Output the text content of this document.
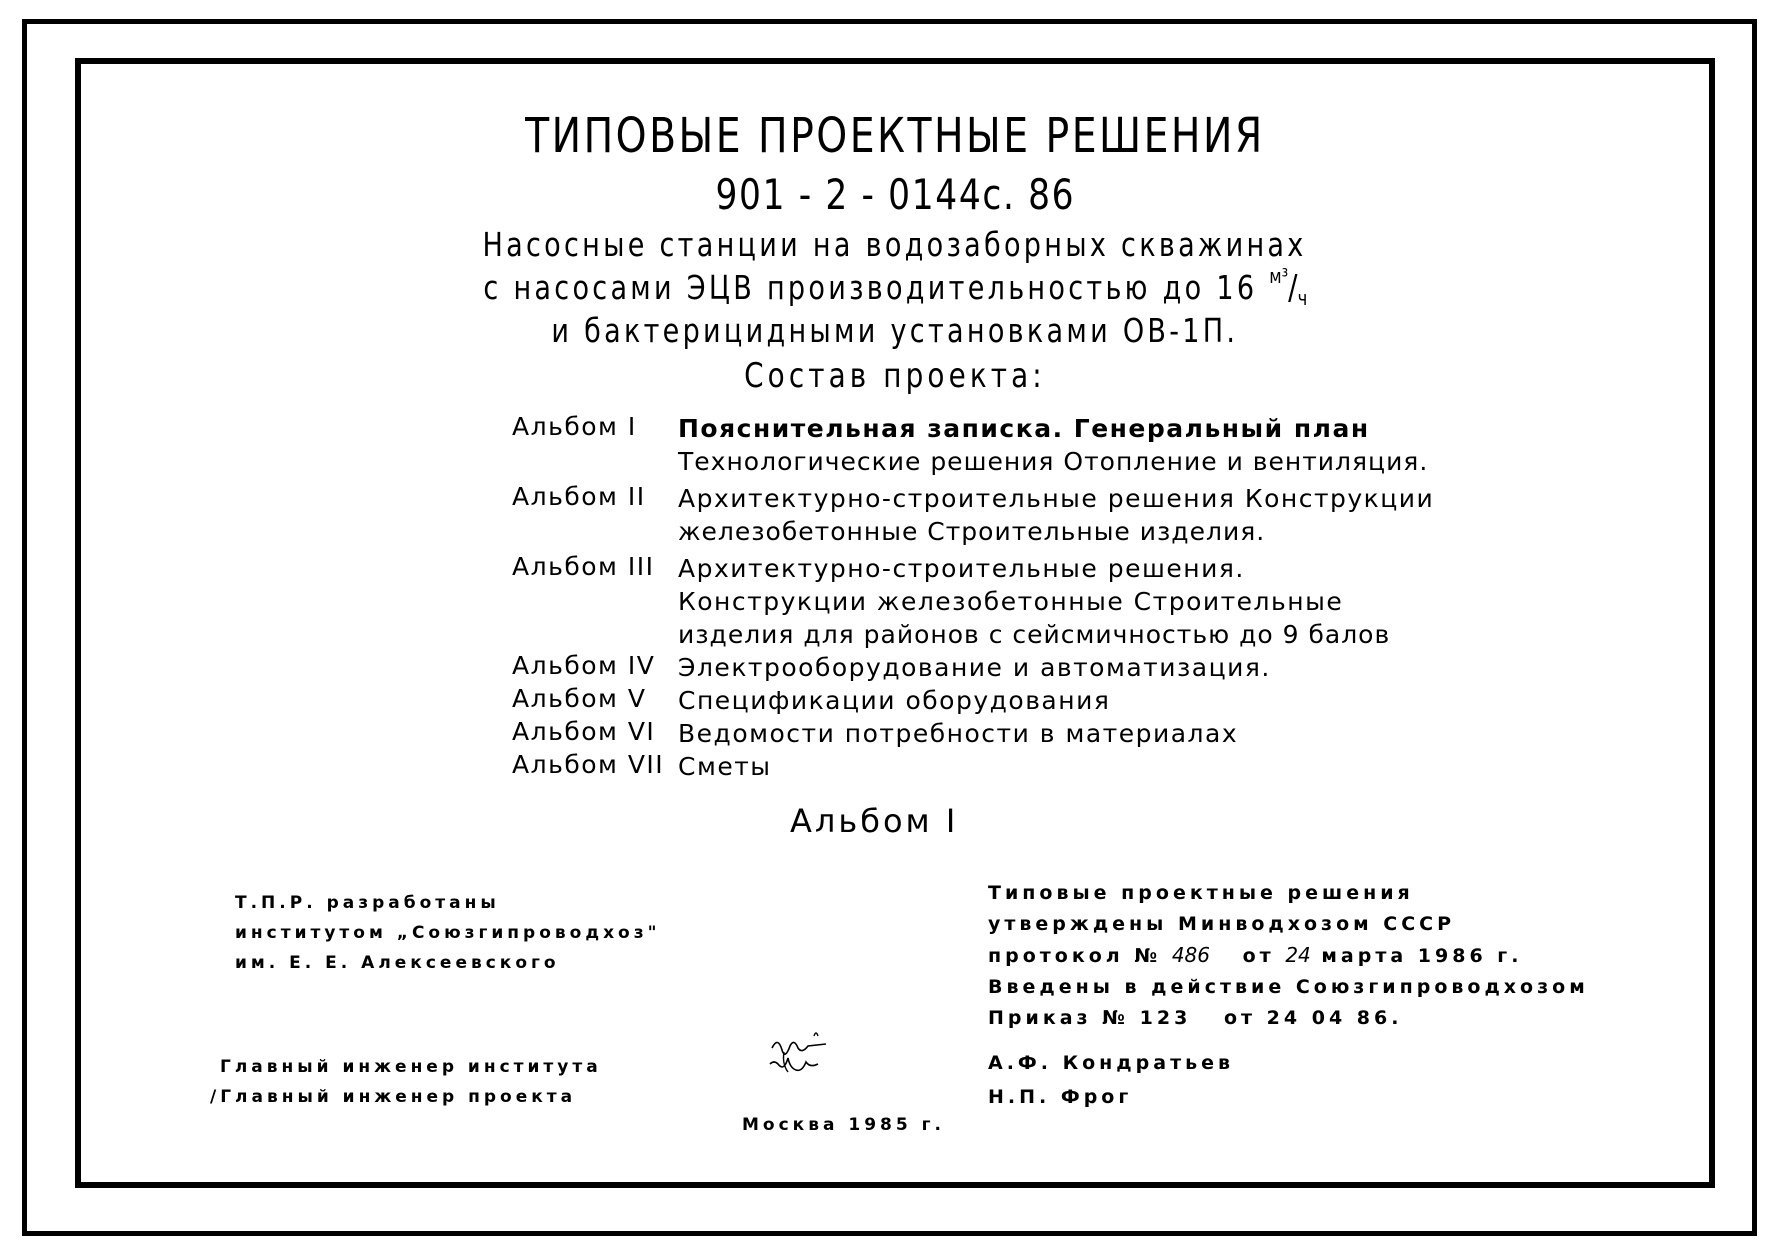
ТИПОВЫЕ ПРОЕКТНЫЕ РЕШЕНИЯ
901 - 2 - 0144с. 86
Насосные станции на водозаборных скважинах
с насосами ЭЦВ производительностью до 16 м³/ч
и бактерицидными установками ОВ-1П.
Состав проекта:
Альбом I	Пояснительная записка. Генеральный план
Технологические решения Отопление и вентиляция.
Альбом II	Архитектурно-строительные решения Конструкции
железобетонные Строительные изделия.
Альбом III Архитектурно-строительные решения.
Конструкции железобетонные Строительные
изделия для районов с сейсмичностью до 9 балов
Альбом IV Электрооборудование и автоматизация.
Альбом V	Спецификации оборудования
Альбом VI Ведомости потребности в материалах
Альбом VII Сметы
Альбом I
Т.П.Р. разработаны
институтом „Союзгипроводхоз"
им. Е. Е. Алексеевского
Типовые проектные решения
утверждены Минводхозом СССР
протокол № 486 от 24 марта 1986 г.
Введены в действие Союзгипроводхозом
Приказ № 123 от 24 04 86.
Главный инженер института
/Главный инженер проекта
А.Ф. Кондратьев
Н.П. Фрог
Москва 1985 г.
